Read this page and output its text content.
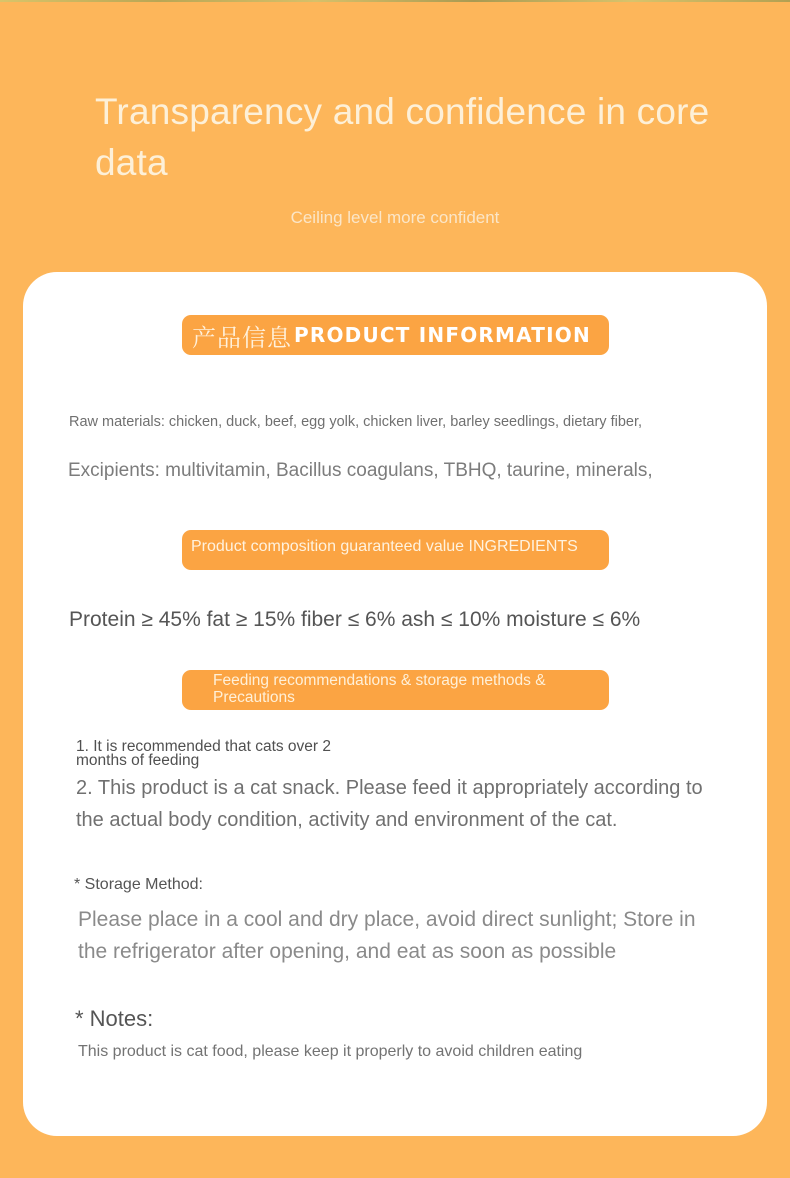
Transparency and confidence in core data
Ceiling level more confident
产品信息 PRODUCT INFORMATION
Raw materials: chicken, duck, beef, egg yolk, chicken liver, barley seedlings, dietary fiber,
Excipients: multivitamin, Bacillus coagulans, TBHQ, taurine, minerals,
Product composition guaranteed value INGREDIENTS
Protein ≥ 45% fat ≥ 15% fiber ≤ 6% ash ≤ 10% moisture ≤ 6%
Feeding recommendations & storage methods & Precautions
1. It is recommended that cats over 2 months of feeding
2. This product is a cat snack. Please feed it appropriately according to the actual body condition, activity and environment of the cat.
* Storage Method:
Please place in a cool and dry place, avoid direct sunlight; Store in the refrigerator after opening, and eat as soon as possible
* Notes:
This product is cat food, please keep it properly to avoid children eating
